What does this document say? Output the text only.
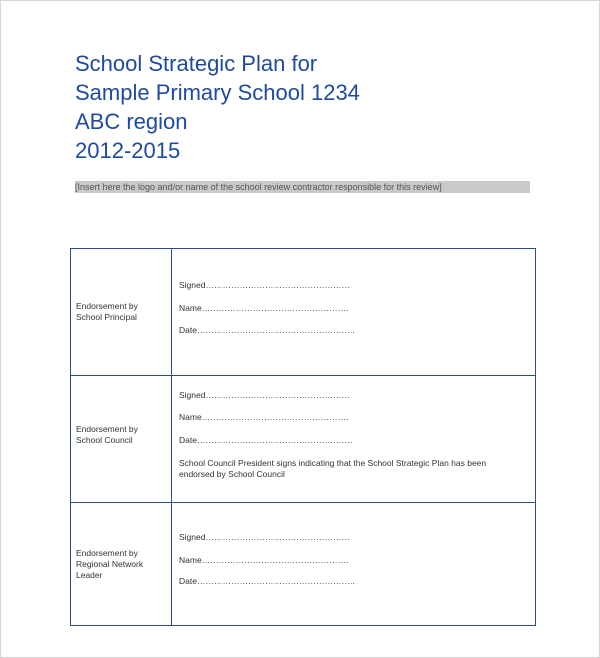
School Strategic Plan for
Sample Primary School 1234
ABC region
2012-2015
[Insert here the logo and/or name of the school review contractor responsible for this review]
Endorsement by
School Principal
Signed……………………………………………
Name…………………………………………….
Date………………………………………………..
Endorsement by
School Council
Signed……………………………………………
Name…………………………………………….
Date……………………………………………….
School Council President signs indicating that the School Strategic Plan has been endorsed by School Council
Endorsement by
Regional Network
Leader
Signed……………………………………………
Name…………………………………………….
Date………………………………………………..
